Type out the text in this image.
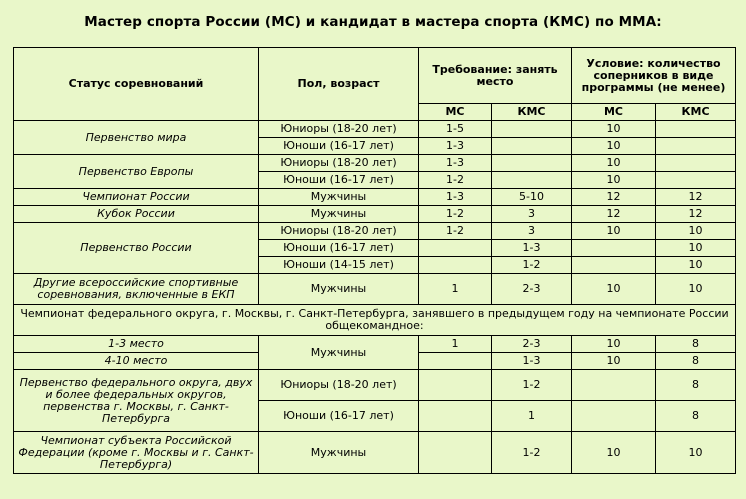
Мастер спорта России (МС) и кандидат в мастера спорта (КМС) по ММА:
Статус соревнований	Пол, возраст	Требование: занять место		Условие: количество соперников в виде программы (не менее)	
		МС	КМС	МС	КМС
Первенство мира	Юниоры (18-20 лет)	1-5		10	
	Юноши (16-17 лет)	1-3		10	
Первенство Европы	Юниоры (18-20 лет)	1-3		10	
	Юноши (16-17 лет)	1-2		10	
Чемпионат России	Мужчины	1-3	5-10	12	12
Кубок России	Мужчины	1-2	3	12	12
Первенство России	Юниоры (18-20 лет)	1-2	3	10	10
	Юноши (16-17 лет)		1-3		10
	Юноши (14-15 лет)		1-2		10
Другие всероссийские спортивные соревнования, включенные в ЕКП	Мужчины	1	2-3	10	10
Чемпионат федерального округа, г. Москвы, г. Санкт-Петербурга, занявшего в предыдущем году на чемпионате России общекомандное:					
1-3 место	Мужчины	1	2-3	10	8
4-10 место			1-3	10	8
Первенство федерального округа, двух и более федеральных округов, первенства г. Москвы, г. Санкт-Петербурга	Юниоры (18-20 лет)		1-2		8
	Юноши (16-17 лет)		1		8
Чемпионат субъекта Российской Федерации (кроме г. Москвы и г. Санкт-Петербурга)	Мужчины		1-2	10	10
